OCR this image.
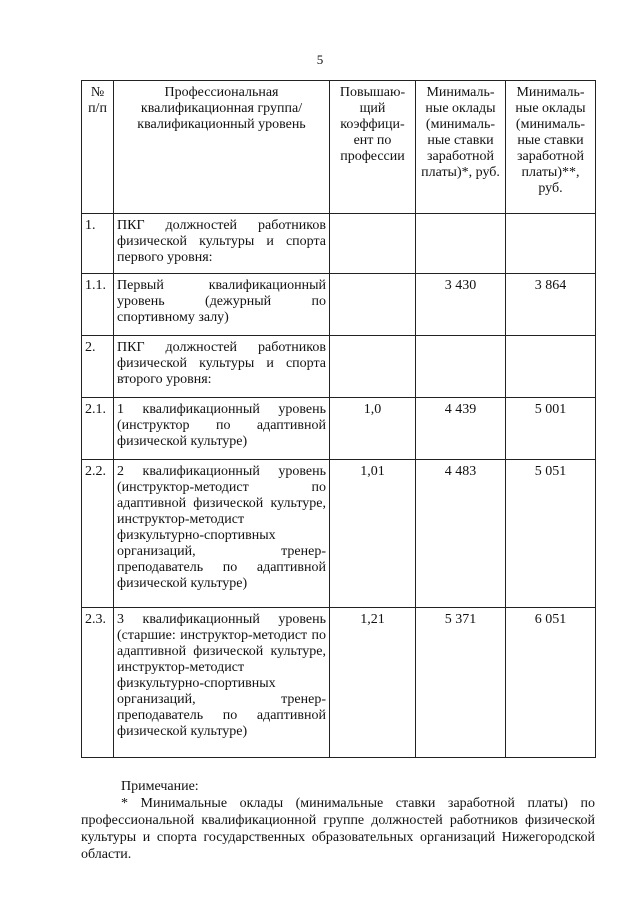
5
№ п/п	Профессиональная квалификационная группа/квалификационный уровень	Повышаю-щий коэффици-ент по профессии	Минималь-ные оклады (минималь-ные ставки заработной платы)*, руб.	Минималь-ные оклады (минималь-ные ставки заработной платы)**, руб.
1.	ПКГ должностей работников физической культуры и спорта первого уровня:			
1.1.	Первый квалификационный уровень (дежурный по спортивному залу)		3 430	3 864
2.	ПКГ должностей работников физической культуры и спорта второго уровня:			
2.1.	1 квалификационный уровень (инструктор по адаптивной физической культуре)	1,0	4 439	5 001
2.2.	2 квалификационный уровень (инструктор-методист по адаптивной физической культуре, инструктор-методист физкультурно-спортивных организаций, тренер-преподаватель по адаптивной физической культуре)	1,01	4 483	5 051
2.3.	3 квалификационный уровень (старшие: инструктор-методист по адаптивной физической культуре, инструктор-методист физкультурно-спортивных организаций, тренер-преподаватель по адаптивной физической культуре)	1,21	5 371	6 051
Примечание:
* Минимальные оклады (минимальные ставки заработной платы) по профессиональной квалификационной группе должностей работников физической культуры и спорта государственных образовательных организаций Нижегородской области.
